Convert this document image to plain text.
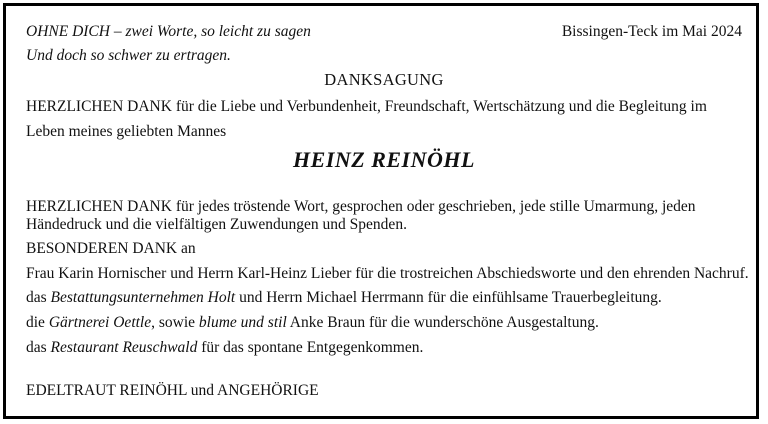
OHNE DICH – zwei Worte, so leicht zu sagen
Und doch so schwer zu ertragen.
Bissingen-Teck im Mai 2024
DANKSAGUNG
HERZLICHEN DANK für die Liebe und Verbundenheit, Freundschaft, Wertschätzung und die Begleitung im
Leben meines geliebten Mannes
HEINZ REINÖHL
HERZLICHEN DANK für jedes tröstende Wort, gesprochen oder geschrieben, jede stille Umarmung, jeden
Händedruck und die vielfältigen Zuwendungen und Spenden.
BESONDEREN DANK an
Frau Karin Hornischer und Herrn Karl-Heinz Lieber für die trostreichen Abschiedsworte und den ehrenden Nachruf.
das Bestattungsunternehmen Holt und Herrn Michael Herrmann für die einfühlsame Trauerbegleitung.
die Gärtnerei Oettle, sowie blume und stil Anke Braun für die wunderschöne Ausgestaltung.
das Restaurant Reuschwald für das spontane Entgegenkommen.
EDELTRAUT REINÖHL und ANGEHÖRIGE
